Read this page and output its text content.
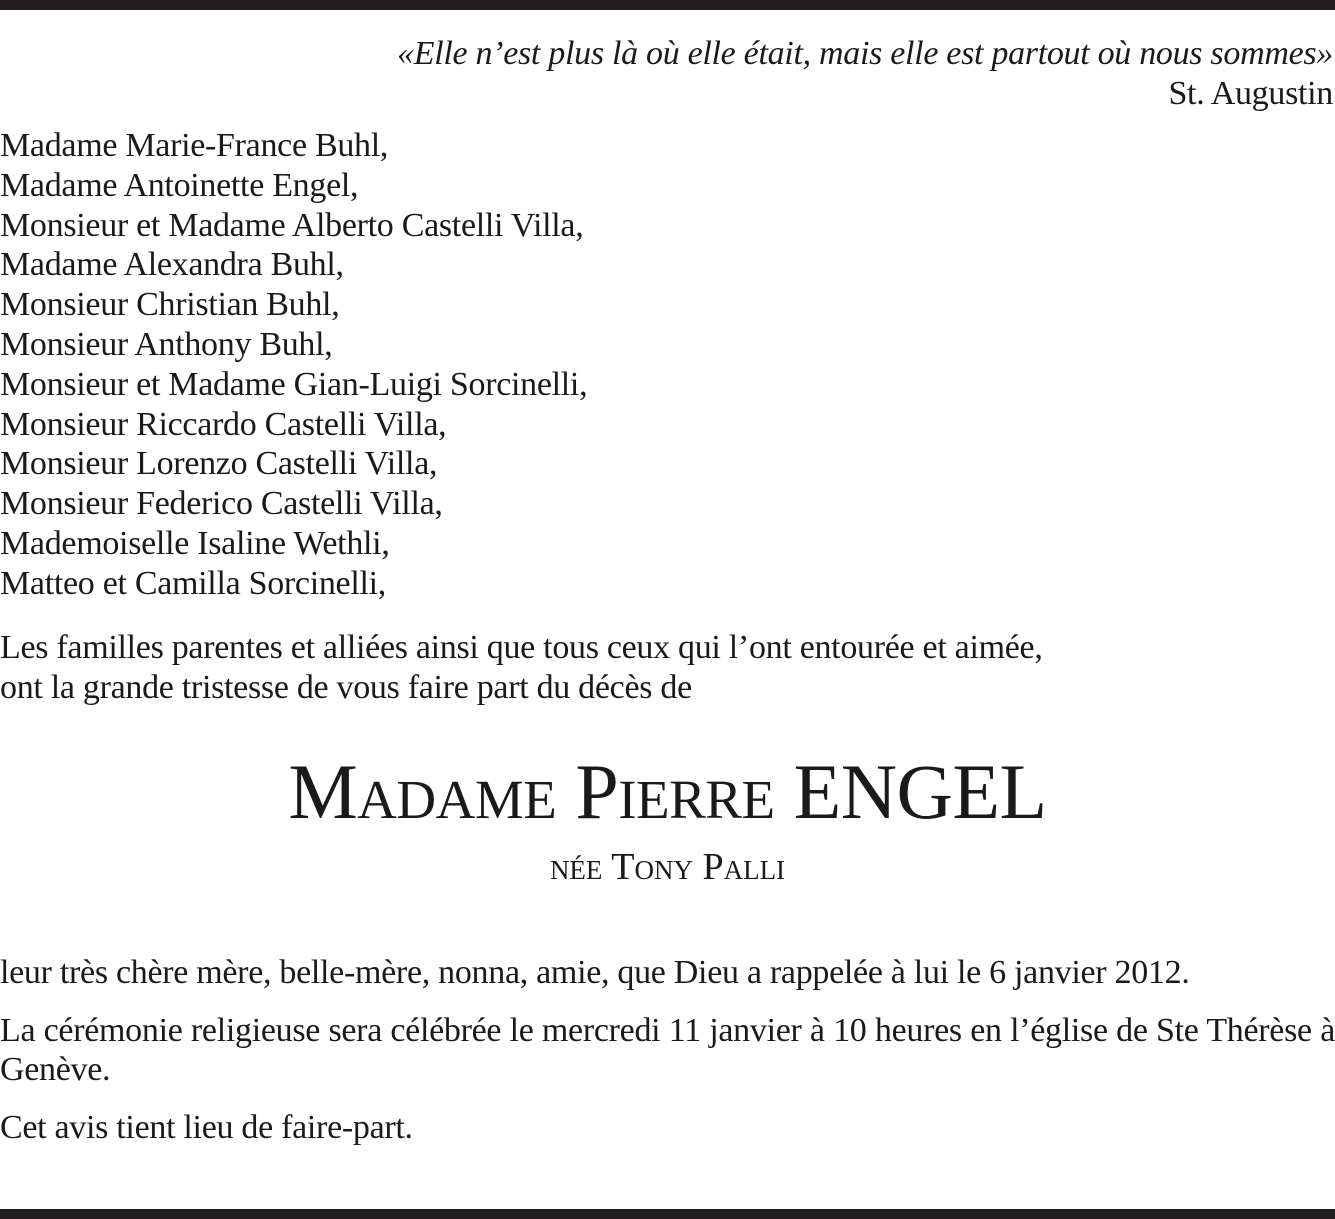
«Elle n’est plus là où elle était, mais elle est partout où nous sommes»
St. Augustin
Madame Marie-France Buhl,
Madame Antoinette Engel,
Monsieur et Madame Alberto Castelli Villa,
Madame Alexandra Buhl,
Monsieur Christian Buhl,
Monsieur Anthony Buhl,
Monsieur et Madame Gian-Luigi Sorcinelli,
Monsieur Riccardo Castelli Villa,
Monsieur Lorenzo Castelli Villa,
Monsieur Federico Castelli Villa,
Mademoiselle Isaline Wethli,
Matteo et Camilla Sorcinelli,
Les familles parentes et alliées ainsi que tous ceux qui l’ont entourée et aimée,
ont la grande tristesse de vous faire part du décès de
Madame Pierre ENGEL
née Tony Palli
leur très chère mère, belle-mère, nonna, amie, que Dieu a rappelée à lui le 6 janvier 2012.
La cérémonie religieuse sera célébrée le mercredi 11 janvier à 10 heures en l’église de Ste Thérèse à Genève.
Cet avis tient lieu de faire-part.
